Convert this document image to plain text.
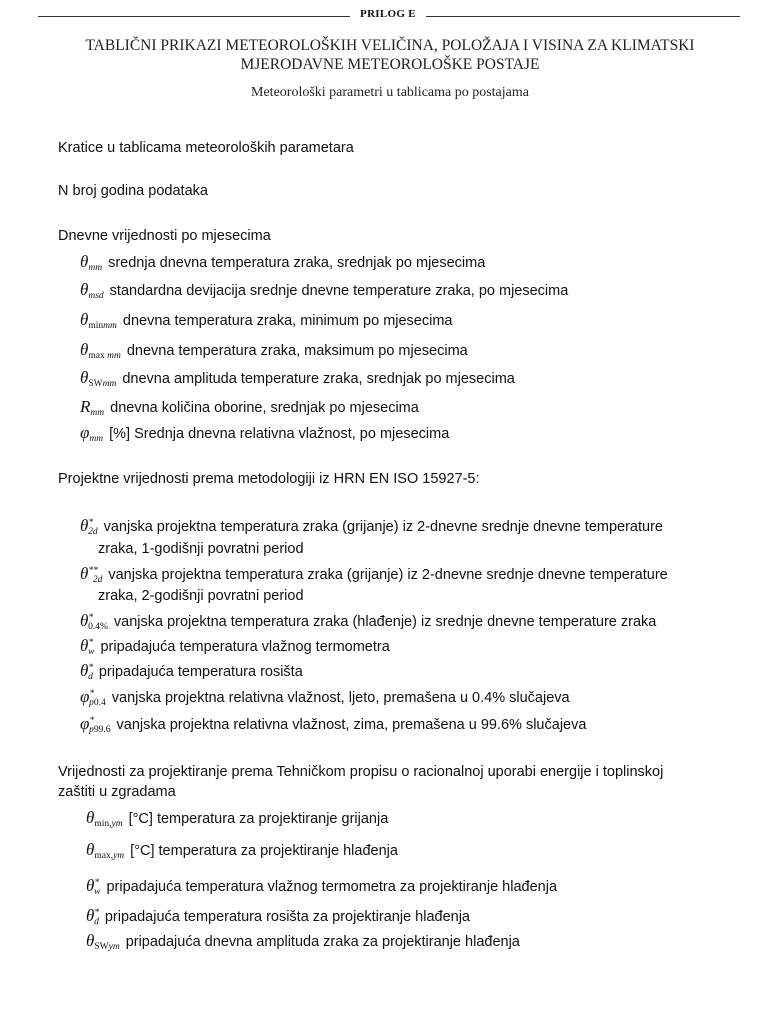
PRILOG E
TABLIČNI PRIKAZI METEOROLOŠKIH VELIČINA, POLOŽAJA I VISINA ZA KLIMATSKI MJERODAVNE METEOROLOŠKE POSTAJE
Meteorološki parametri u tablicama po postajama
Kratice u tablicama meteoroloških parametara
N broj godina podataka
Dnevne vrijednosti po mjesecima
$\theta_{mm}$ srednja dnevna temperatura zraka, srednjak po mjesecima
$\theta_{msd}$ standardna devijacija srednje dnevne temperature zraka, po mjesecima
$\theta_{minmm}$ dnevna temperatura zraka, minimum po mjesecima
$\theta_{max mm}$ dnevna temperatura zraka, maksimum po mjesecima
$\theta_{SWmm}$ dnevna amplituda temperature zraka, srednjak po mjesecima
$R_{mm}$ dnevna količina oborine, srednjak po mjesecima
$\varphi_{mm}$ [%] Srednja dnevna relativna vlažnost, po mjesecima
Projektne vrijednosti prema metodologiji iz HRN EN ISO 15927-5:
$\theta^*_{2d}$ vanjska projektna temperatura zraka (grijanje) iz 2-dnevne srednje dnevne temperature
zraka, 1-godišnji povratni period
$\theta^{**}_{2d}$ vanjska projektna temperatura zraka (grijanje) iz 2-dnevne srednje dnevne temperature
zraka, 2-godišnji povratni period
$\theta^*_{0.4\%}$ vanjska projektna temperatura zraka (hlađenje) iz srednje dnevne temperature zraka
$\theta^*_w$ pripadajuća temperatura vlažnog termometra
$\theta^*_d$ pripadajuća temperatura rosišta
$\varphi^*_{p0.4}$ vanjska projektna relativna vlažnost, ljeto, premašena u 0.4% slučajeva
$\varphi^*_{p99.6}$ vanjska projektna relativna vlažnost, zima, premašena u 99.6% slučajeva
Vrijednosti za projektiranje prema Tehničkom propisu o racionalnoj uporabi energije i toplinskoj
zaštiti u zgradama
$\theta_{min,ym}$ [°C] temperatura za projektiranje grijanja
$\theta_{max,ym}$ [°C] temperatura za projektiranje hlađenja
$\theta^*_w$ pripadajuća temperatura vlažnog termometra za projektiranje hlađenja
$\theta^*_d$ pripadajuća temperatura rosišta za projektiranje hlađenja
$\theta_{SWym}$ pripadajuća dnevna amplituda zraka za projektiranje hlađenja
